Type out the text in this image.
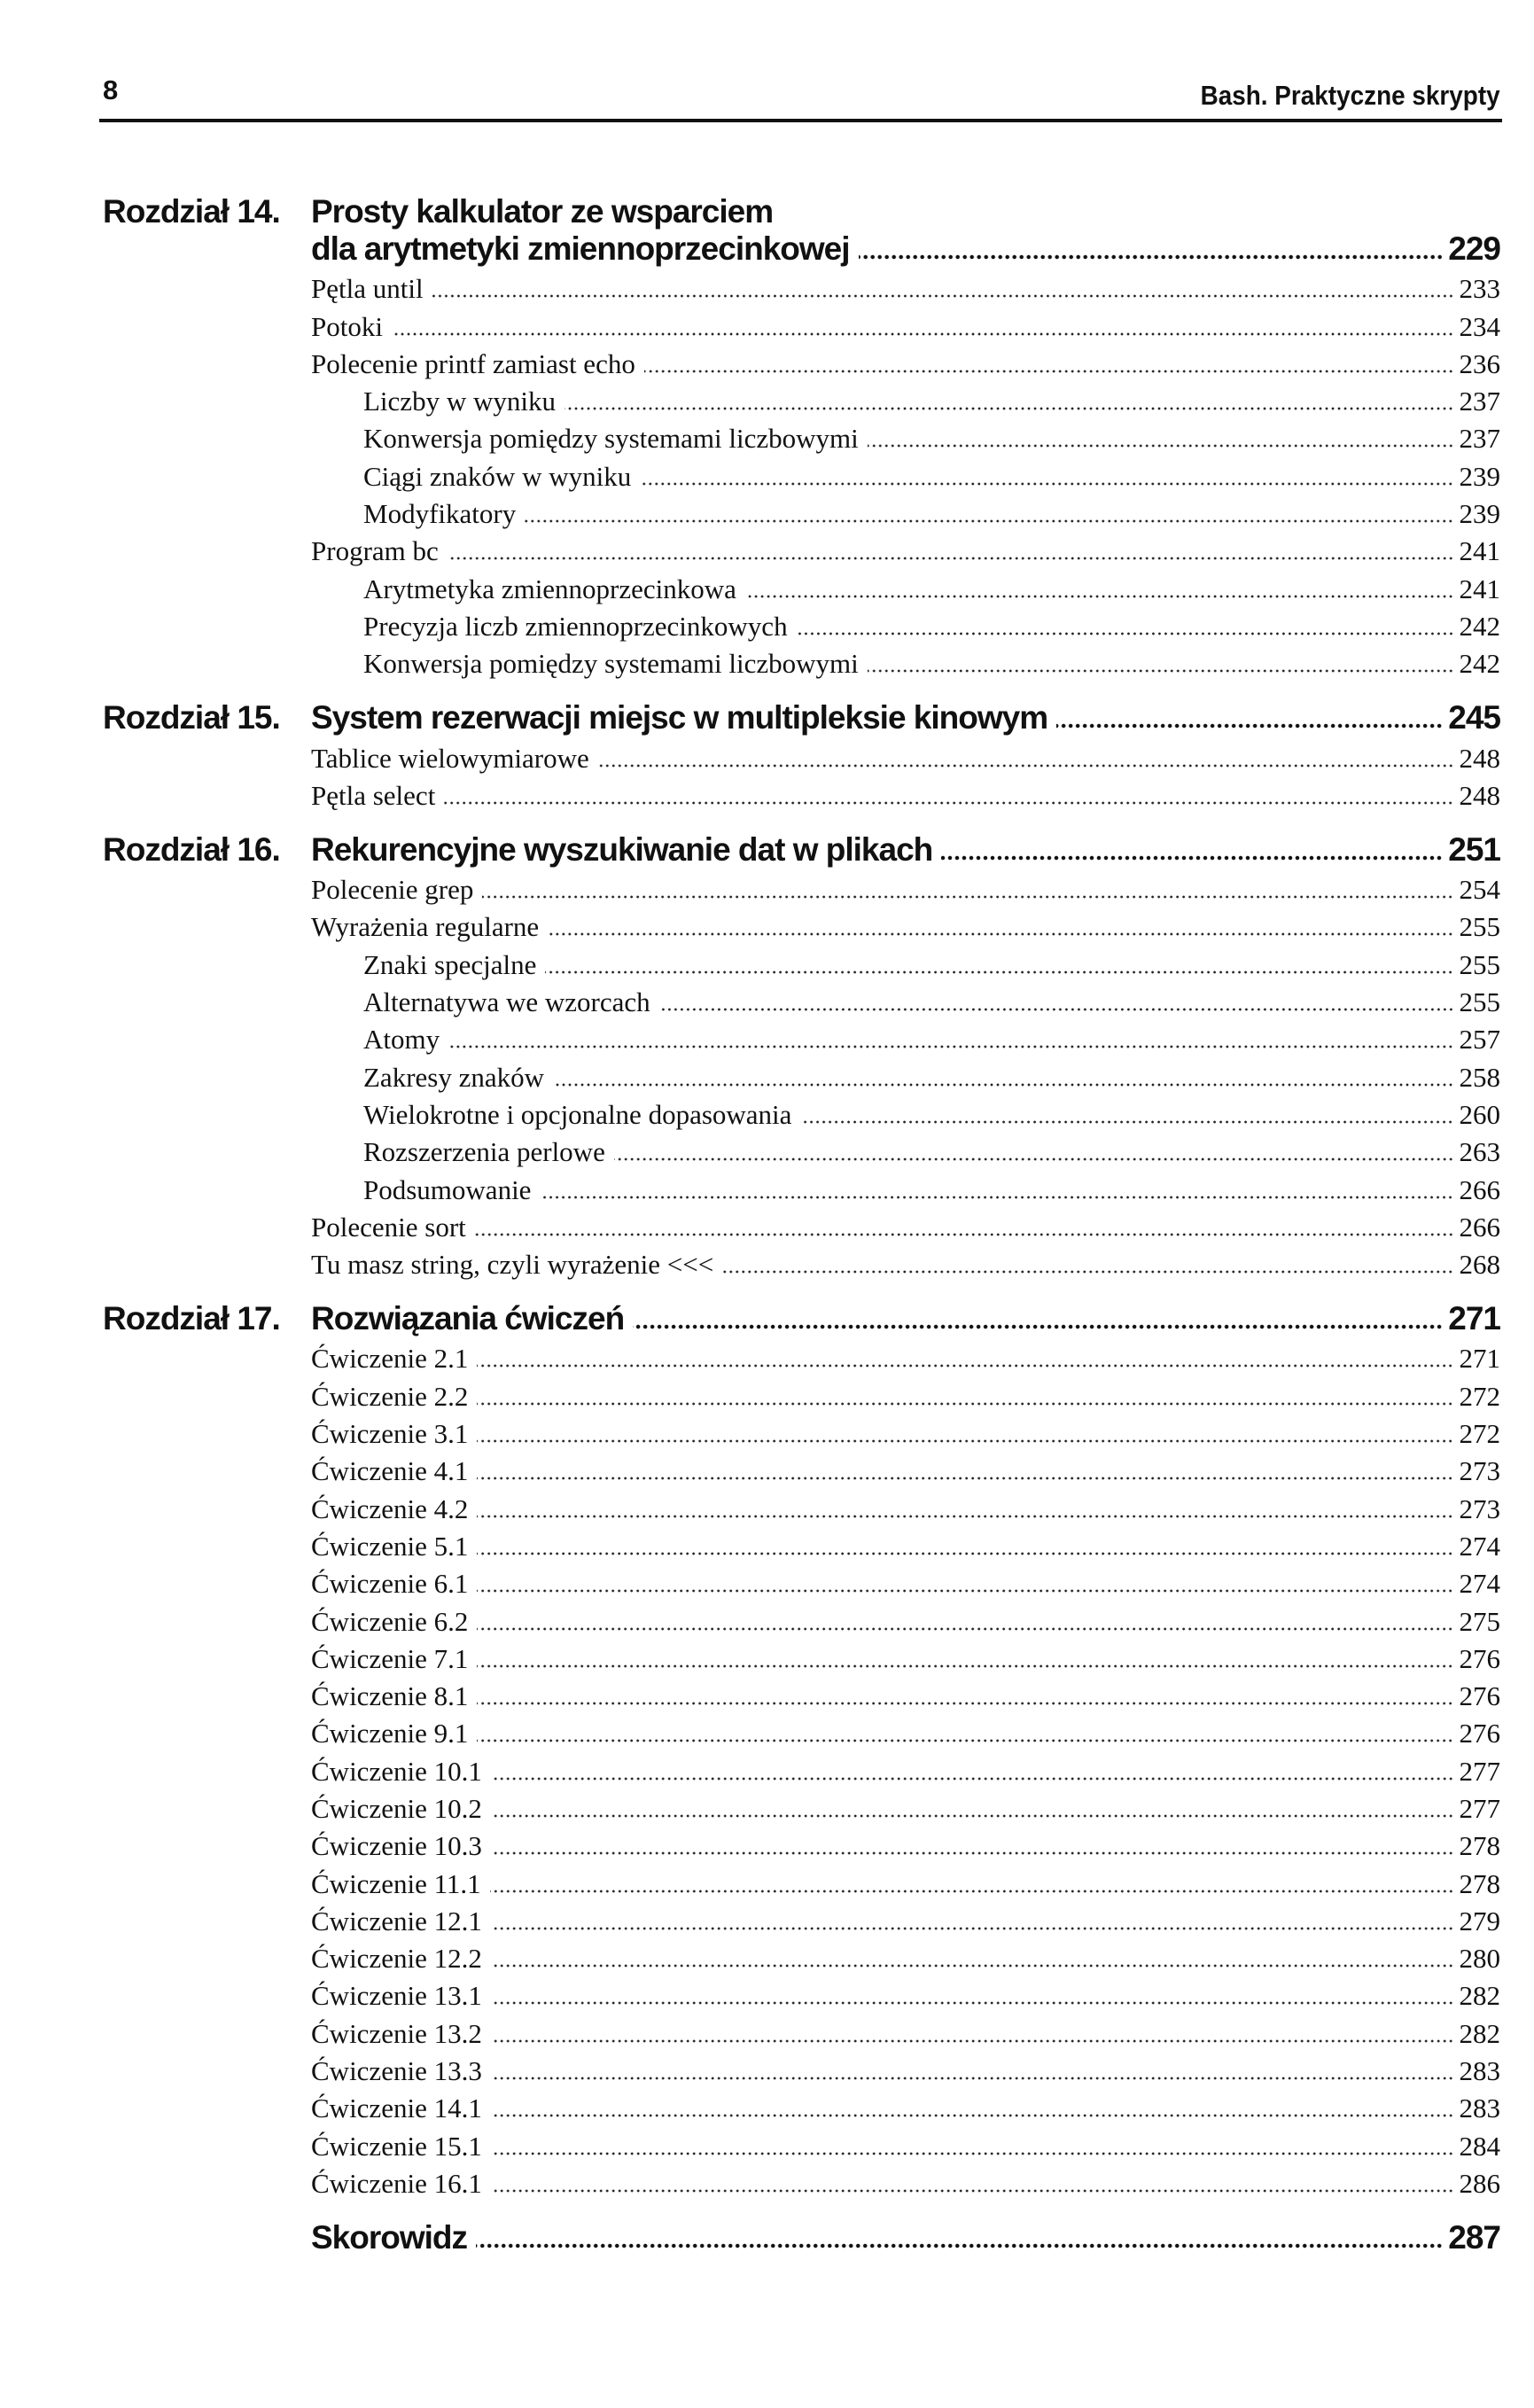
8	Bash. Praktyczne skrypty
Rozdział 14. Prosty kalkulator ze wsparciem
dla arytmetyki zmiennoprzecinkowej	229
Pętla until	233
Potoki	234
Polecenie printf zamiast echo	236
Liczby w wyniku	237
Konwersja pomiędzy systemami liczbowymi	237
Ciągi znaków w wyniku	239
Modyfikatory	239
Program bc	241
Arytmetyka zmiennoprzecinkowa	241
Precyzja liczb zmiennoprzecinkowych	242
Konwersja pomiędzy systemami liczbowymi	242
Rozdział 15. System rezerwacji miejsc w multipleksie kinowym	245
Tablice wielowymiarowe	248
Pętla select	248
Rozdział 16. Rekurencyjne wyszukiwanie dat w plikach	251
Polecenie grep	254
Wyrażenia regularne	255
Znaki specjalne	255
Alternatywa we wzorcach	255
Atomy	257
Zakresy znaków	258
Wielokrotne i opcjonalne dopasowania	260
Rozszerzenia perlowe	263
Podsumowanie	266
Polecenie sort	266
Tu masz string, czyli wyrażenie <<<	268
Rozdział 17. Rozwiązania ćwiczeń	271
Ćwiczenie 2.1	271
Ćwiczenie 2.2	272
Ćwiczenie 3.1	272
Ćwiczenie 4.1	273
Ćwiczenie 4.2	273
Ćwiczenie 5.1	274
Ćwiczenie 6.1	274
Ćwiczenie 6.2	275
Ćwiczenie 7.1	276
Ćwiczenie 8.1	276
Ćwiczenie 9.1	276
Ćwiczenie 10.1	277
Ćwiczenie 10.2	277
Ćwiczenie 10.3	278
Ćwiczenie 11.1	278
Ćwiczenie 12.1	279
Ćwiczenie 12.2	280
Ćwiczenie 13.1	282
Ćwiczenie 13.2	282
Ćwiczenie 13.3	283
Ćwiczenie 14.1	283
Ćwiczenie 15.1	284
Ćwiczenie 16.1	286
Skorowidz	287
